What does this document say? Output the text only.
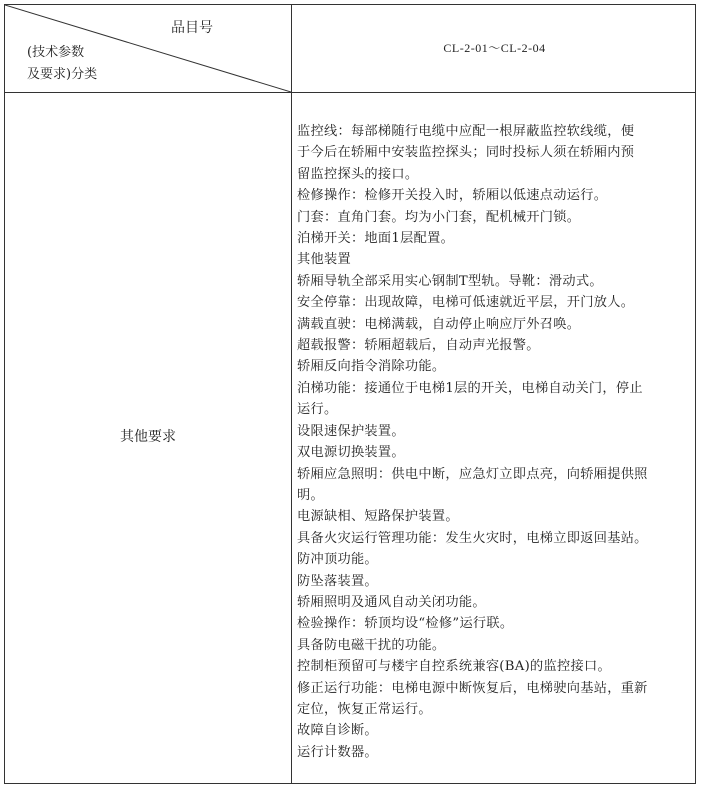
品目号
(技术参数
及要求)分类
CL-2-01～CL-2-04
其他要求
监控线：每部梯随行电缆中应配一根屏蔽监控软线缆，便
于今后在轿厢中安装监控探头；同时投标人须在轿厢内预
留监控探头的接口。
检修操作：检修开关投入时，轿厢以低速点动运行。
门套：直角门套。均为小门套，配机械开门锁。
泊梯开关：地面1层配置。
其他装置
轿厢导轨全部采用实心钢制T型轨。导靴：滑动式。
安全停靠：出现故障，电梯可低速就近平层，开门放人。
满载直驶：电梯满载，自动停止响应厅外召唤。
超载报警：轿厢超载后，自动声光报警。
轿厢反向指令消除功能。
泊梯功能：接通位于电梯1层的开关，电梯自动关门，停止
运行。
设限速保护装置。
双电源切换装置。
轿厢应急照明：供电中断，应急灯立即点亮，向轿厢提供照
明。
电源缺相、短路保护装置。
具备火灾运行管理功能：发生火灾时，电梯立即返回基站。
防冲顶功能。
防坠落装置。
轿厢照明及通风自动关闭功能。
检验操作：轿顶均设“检修”运行联。
具备防电磁干扰的功能。
控制柜预留可与楼宇自控系统兼容(BA)的监控接口。
修正运行功能：电梯电源中断恢复后，电梯驶向基站，重新
定位，恢复正常运行。
故障自诊断。
运行计数器。
